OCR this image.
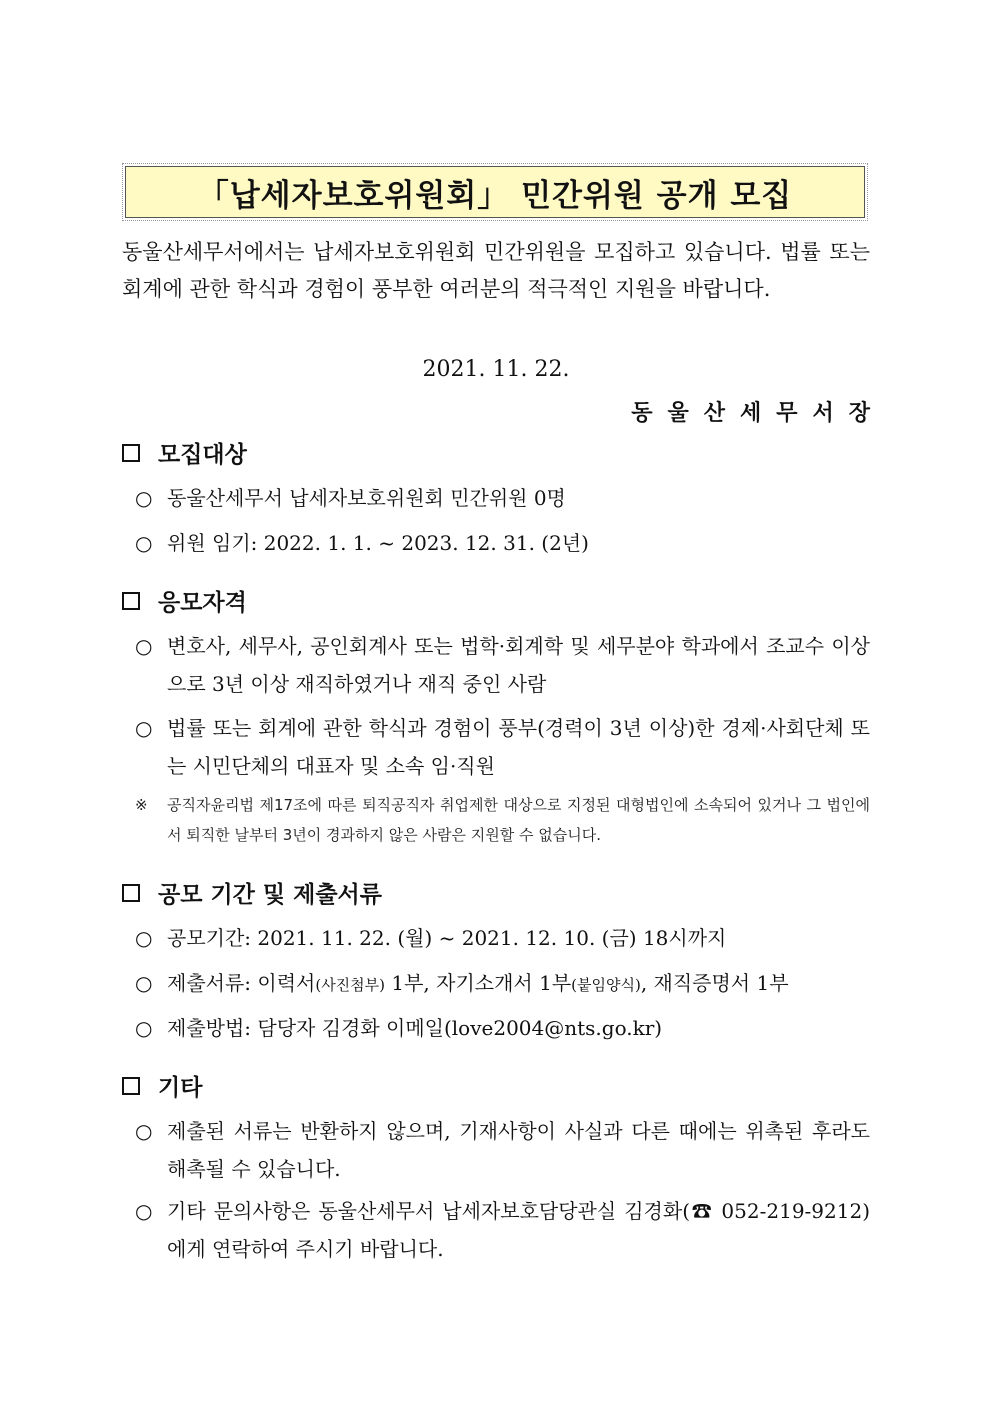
「납세자보호위원회」 민간위원 공개 모집
동울산세무서에서는 납세자보호위원회 민간위원을 모집하고 있습니다. 법률 또는 회계에 관한 학식과 경험이 풍부한 여러분의 적극적인 지원을 바랍니다.
2021. 11. 22.
동울산세무서장
모집대상
○ 동울산세무서 납세자보호위원회 민간위원 0명
○ 위원 임기: 2022. 1. 1. ~ 2023. 12. 31. (2년)
응모자격
○ 변호사, 세무사, 공인회계사 또는 법학·회계학 및 세무분야 학과에서 조교수 이상으로 3년 이상 재직하였거나 재직 중인 사람
○ 법률 또는 회계에 관한 학식과 경험이 풍부(경력이 3년 이상)한 경제·사회단체 또는 시민단체의 대표자 및 소속 임·직원
※	공직자윤리법 제17조에 따른 퇴직공직자 취업제한 대상으로 지정된 대형법인에 소속되어 있거나 그 법인에서 퇴직한 날부터 3년이 경과하지 않은 사람은 지원할 수 없습니다.
공모 기간 및 제출서류
○ 공모기간: 2021. 11. 22. (월) ~ 2021. 12. 10. (금) 18시까지
○ 제출서류: 이력서(사진첨부) 1부, 자기소개서 1부(붙임양식), 재직증명서 1부
○ 제출방법: 담당자 김경화 이메일(love2004@nts.go.kr)
기타
○ 제출된 서류는 반환하지 않으며, 기재사항이 사실과 다른 때에는 위촉된 후라도 해촉될 수 있습니다.
○ 기타 문의사항은 동울산세무서 납세자보호담당관실 김경화(☎ 052-219-9212)에게 연락하여 주시기 바랍니다.
